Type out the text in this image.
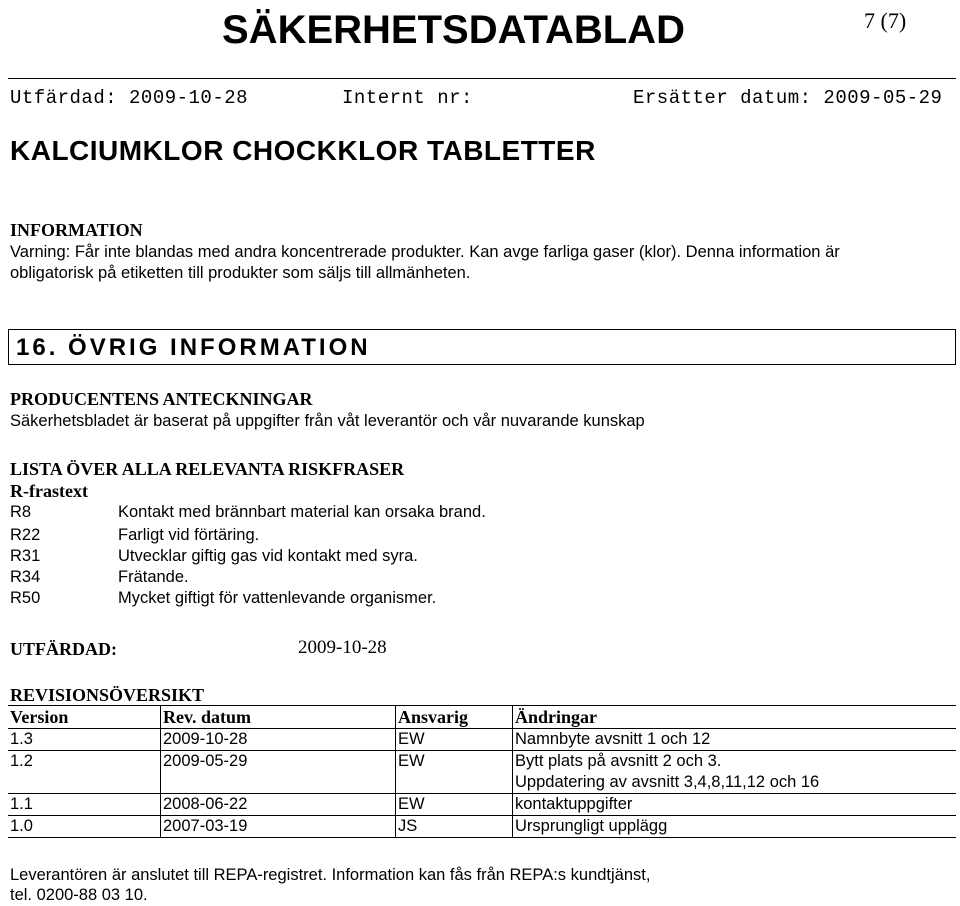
SÄKERHETSDATABLAD	7 (7)
Utfärdad: 2009-10-28	Internt nr:	Ersätter datum: 2009-05-29
KALCIUMKLOR CHOCKKLOR TABLETTER
INFORMATION
Varning: Får inte blandas med andra koncentrerade produkter. Kan avge farliga gaser (klor). Denna information är
obligatorisk på etiketten till produkter som säljs till allmänheten.
16. ÖVRIG INFORMATION
PRODUCENTENS ANTECKNINGAR
Säkerhetsbladet är baserat på uppgifter från våt leverantör och vår nuvarande kunskap
LISTA ÖVER ALLA RELEVANTA RISKFRASER
R-frastext
R8	Kontakt med brännbart material kan orsaka brand.
R22	Farligt vid förtäring.
R31	Utvecklar giftig gas vid kontakt med syra.
R34	Frätande.
R50	Mycket giftigt för vattenlevande organismer.
UTFÄRDAD:	2009-10-28
REVISIONSÖVERSIKT
Version	Rev. datum	Ansvarig	Ändringar
1.3	2009-10-28	EW	Namnbyte avsnitt 1 och 12
1.2	2009-05-29	EW	Bytt plats på avsnitt 2 och 3.
			Uppdatering av avsnitt 3,4,8,11,12 och 16
1.1	2008-06-22	EW	kontaktuppgifter
1.0	2007-03-19	JS	Ursprungligt upplägg
Leverantören är anslutet till REPA-registret. Information kan fås från REPA:s kundtjänst,
tel. 0200-88 03 10.
